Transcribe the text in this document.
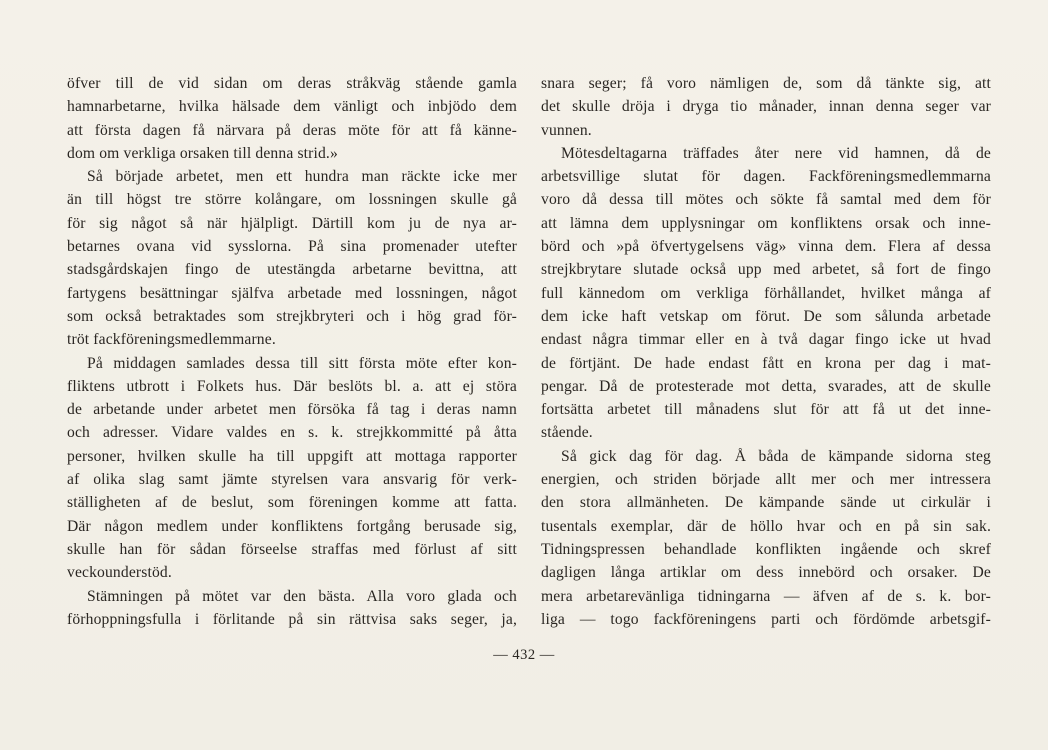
öfver till de vid sidan om deras stråkväg stående gamla
hamnarbetarne, hvilka hälsade dem vänligt och inbjödo dem
att första dagen få närvara på deras möte för att få känne-
dom om verkliga orsaken till denna strid.»
Så började arbetet, men ett hundra man räckte icke mer
än till högst tre större kolångare, om lossningen skulle gå
för sig något så när hjälpligt. Därtill kom ju de nya ar-
betarnes ovana vid sysslorna. På sina promenader utefter
stadsgårdskajen fingo de utestängda arbetarne bevittna, att
fartygens besättningar själfva arbetade med lossningen, något
som också betraktades som strejkbryteri och i hög grad för-
tröt fackföreningsmedlemmarne.
På middagen samlades dessa till sitt första möte efter kon-
fliktens utbrott i Folkets hus. Där beslöts bl. a. att ej störa
de arbetande under arbetet men försöka få tag i deras namn
och adresser. Vidare valdes en s. k. strejkkommitté på åtta
personer, hvilken skulle ha till uppgift att mottaga rapporter
af olika slag samt jämte styrelsen vara ansvarig för verk-
ställigheten af de beslut, som föreningen komme att fatta.
Där någon medlem under konfliktens fortgång berusade sig,
skulle han för sådan förseelse straffas med förlust af sitt
veckounderstöd.
Stämningen på mötet var den bästa. Alla voro glada och
förhoppningsfulla i förlitande på sin rättvisa saks seger, ja,
snara seger; få voro nämligen de, som då tänkte sig, att
det skulle dröja i dryga tio månader, innan denna seger var
vunnen.
Mötesdeltagarna träffades åter nere vid hamnen, då de
arbetsvillige slutat för dagen. Fackföreningsmedlemmarna
voro då dessa till mötes och sökte få samtal med dem för
att lämna dem upplysningar om konfliktens orsak och inne-
börd och »på öfvertygelsens väg» vinna dem. Flera af dessa
strejkbrytare slutade också upp med arbetet, så fort de fingo
full kännedom om verkliga förhållandet, hvilket många af
dem icke haft vetskap om förut. De som sålunda arbetade
endast några timmar eller en à två dagar fingo icke ut hvad
de förtjänt. De hade endast fått en krona per dag i mat-
pengar. Då de protesterade mot detta, svarades, att de skulle
fortsätta arbetet till månadens slut för att få ut det inne-
stående.
Så gick dag för dag. Å båda de kämpande sidorna steg
energien, och striden började allt mer och mer intressera
den stora allmänheten. De kämpande sände ut cirkulär i
tusentals exemplar, där de höllo hvar och en på sin sak.
Tidningspressen behandlade konflikten ingående och skref
dagligen långa artiklar om dess innebörd och orsaker. De
mera arbetarevänliga tidningarna — äfven af de s. k. bor-
liga — togo fackföreningens parti och fördömde arbetsgif-
— 432 —
